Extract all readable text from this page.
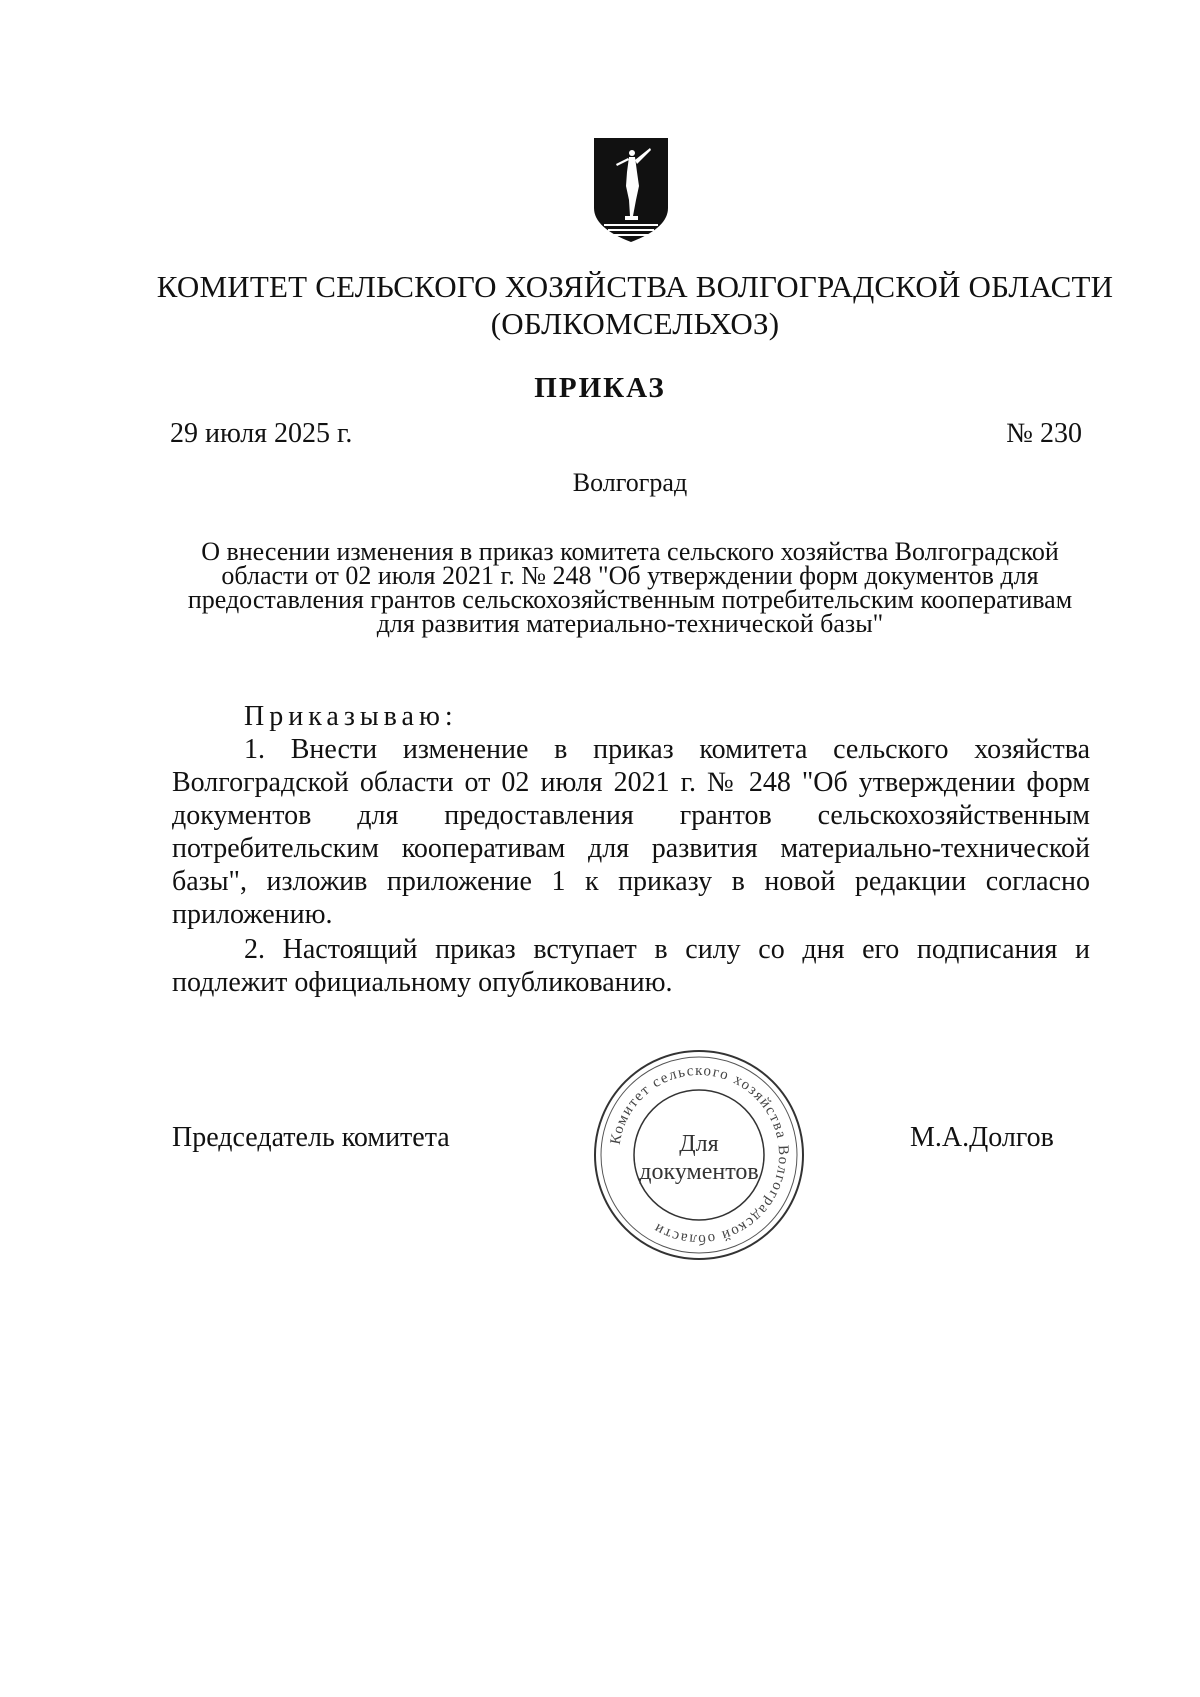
КОМИТЕТ СЕЛЬСКОГО ХОЗЯЙСТВА ВОЛГОГРАДСКОЙ ОБЛАСТИ
(ОБЛКОМСЕЛЬХОЗ)
ПРИКАЗ
29 июля 2025 г.	№ 230
Волгоград
О внесении изменения в приказ комитета сельского хозяйства Волгоградской области от 02 июля 2021 г. № 248 "Об утверждении форм документов для предоставления грантов сельскохозяйственным потребительским кооперативам для развития материально-технической базы"
Приказываю:

1. Внести изменение в приказ комитета сельского хозяйства Волгоградской области от 02 июля 2021 г. № 248 "Об утверждении форм документов для предоставления грантов сельскохозяйственным потребительским кооперативам для развития материально-технической базы", изложив приложение 1 к приказу в новой редакции согласно приложению.

2. Настоящий приказ вступает в силу со дня его подписания и подлежит официальному опубликованию.

Председатель комитета	М.А.Долгов
Комитет сельского хозяйства Волгоградской области
Для
документов
